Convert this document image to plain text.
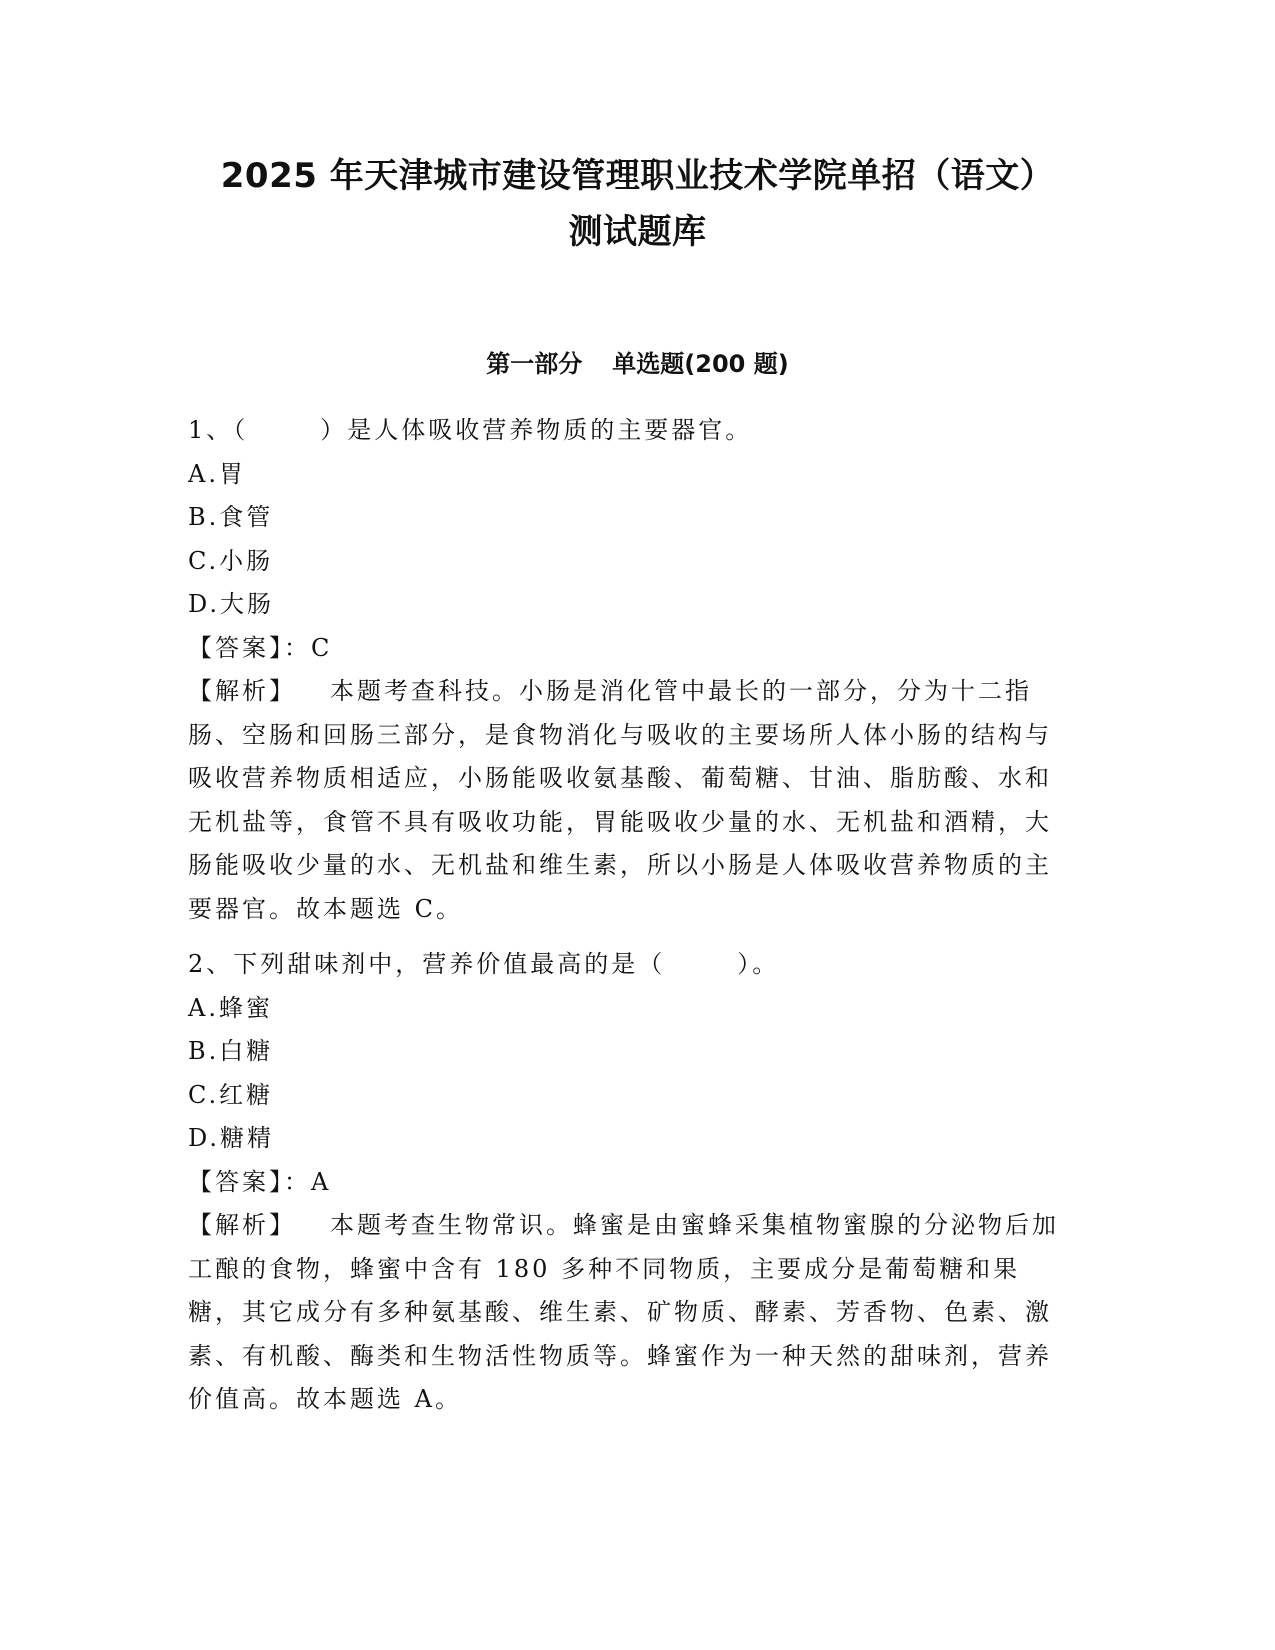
2025 年天津城市建设管理职业技术学院单招（语文）
测试题库
第一部分 单选题(200 题)

1、（	）是人体吸收营养物质的主要器官。

A.胃

B.食管

C.小肠

D.大肠

【答案】：C

【解析】 本题考查科技。小肠是消化管中最长的一部分，分为十二指肠、空肠和回肠三部分，是食物消化与吸收的主要场所人体小肠的结构与吸收营养物质相适应，小肠能吸收氨基酸、葡萄糖、甘油、脂肪酸、水和无机盐等，食管不具有吸收功能，胃能吸收少量的水、无机盐和酒精，大肠能吸收少量的水、无机盐和维生素，所以小肠是人体吸收营养物质的主要器官。故本题选 C。

2、下列甜味剂中，营养价值最高的是（	）。

A.蜂蜜

B.白糖

C.红糖

D.糖精

【答案】：A

【解析】 本题考查生物常识。蜂蜜是由蜜蜂采集植物蜜腺的分泌物后加工酿的食物，蜂蜜中含有 180 多种不同物质，主要成分是葡萄糖和果糖，其它成分有多种氨基酸、维生素、矿物质、酵素、芳香物、色素、激素、有机酸、酶类和生物活性物质等。蜂蜜作为一种天然的甜味剂，营养价值高。故本题选 A。
